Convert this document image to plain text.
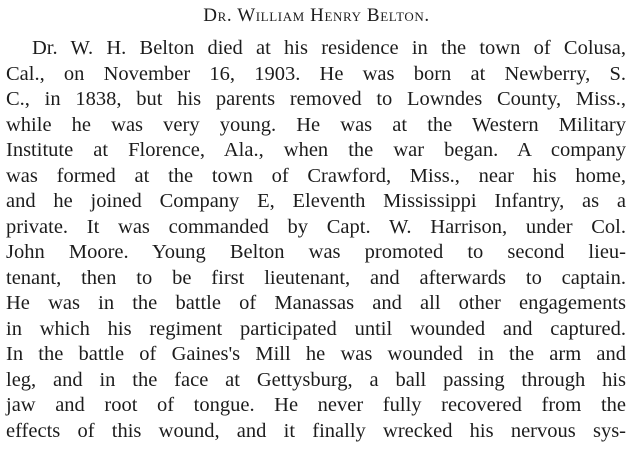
Dr. William Henry Belton.
Dr. W. H. Belton died at his residence in the town of Colusa,
Cal., on November 16, 1903. He was born at Newberry, S.
C., in 1838, but his parents removed to Lowndes County, Miss.,
while he was very young. He was at the Western Military
Institute at Florence, Ala., when the war began. A company
was formed at the town of Crawford, Miss., near his home,
and he joined Company E, Eleventh Mississippi Infantry, as a
private. It was commanded by Capt. W. Harrison, under Col.
John Moore. Young Belton was promoted to second lieu-
tenant, then to be first lieutenant, and afterwards to captain.
He was in the battle of Manassas and all other engagements
in which his regiment participated until wounded and captured.
In the battle of Gaines's Mill he was wounded in the arm and
leg, and in the face at Gettysburg, a ball passing through his
jaw and root of tongue. He never fully recovered from the
effects of this wound, and it finally wrecked his nervous sys-
